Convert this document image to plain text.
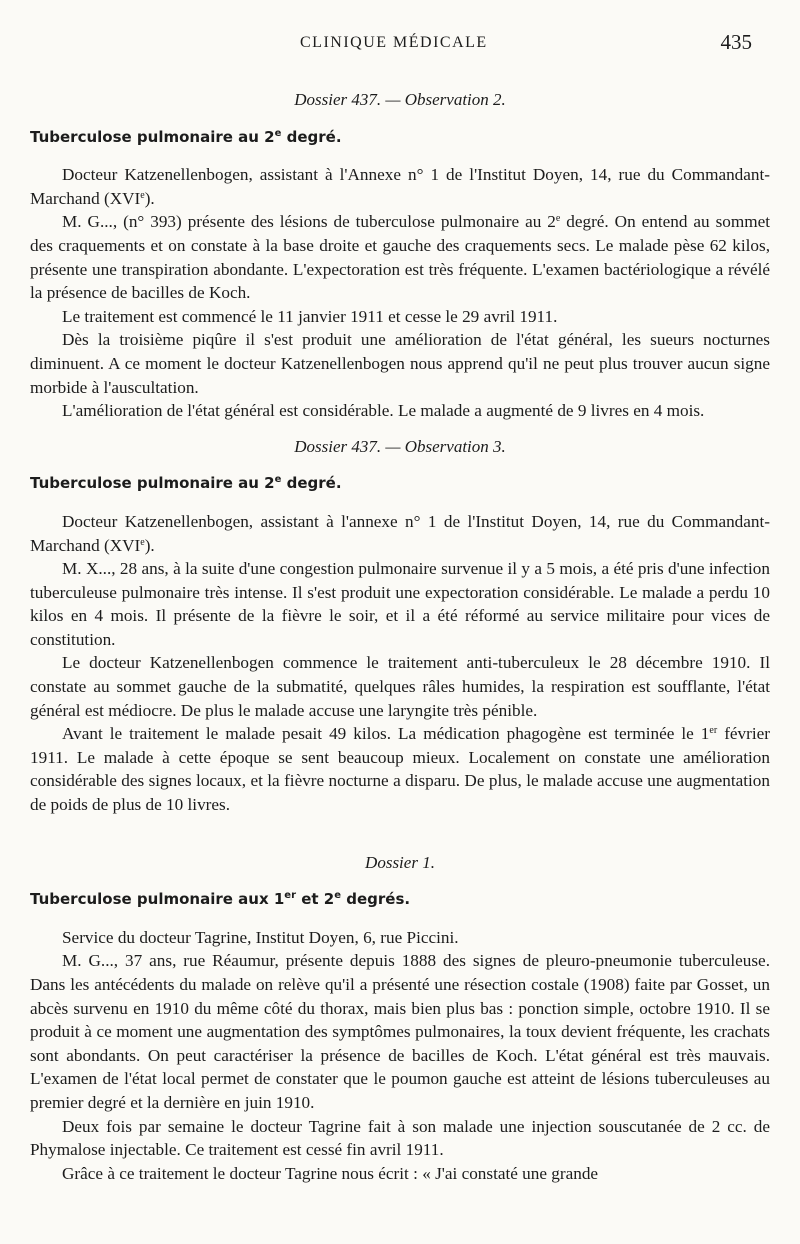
CLINIQUE MÉDICALE	435
Dossier 437. — Observation 2.
Tuberculose pulmonaire au 2e degré.

Docteur Katzenellenbogen, assistant à l'Annexe n° 1 de l'Institut Doyen, 14, rue du Commandant-Marchand (XVIe).

M. G..., (n° 393) présente des lésions de tuberculose pulmonaire au 2e degré. On entend au sommet des craquements et on constate à la base droite et gauche des craquements secs. Le malade pèse 62 kilos, présente une transpiration abondante. L'expectoration est très fréquente. L'examen bactériologique a révélé la présence de bacilles de Koch.

Le traitement est commencé le 11 janvier 1911 et cesse le 29 avril 1911.

Dès la troisième piqûre il s'est produit une amélioration de l'état général, les sueurs nocturnes diminuent. A ce moment le docteur Katzenellenbogen nous apprend qu'il ne peut plus trouver aucun signe morbide à l'auscultation.

L'amélioration de l'état général est considérable. Le malade a augmenté de 9 livres en 4 mois.

Dossier 437. — Observation 3.
Tuberculose pulmonaire au 2e degré.

Docteur Katzenellenbogen, assistant à l'annexe n° 1 de l'Institut Doyen, 14, rue du Commandant-Marchand (XVIe).

M. X..., 28 ans, à la suite d'une congestion pulmonaire survenue il y a 5 mois, a été pris d'une infection tuberculeuse pulmonaire très intense. Il s'est produit une expectoration considérable. Le malade a perdu 10 kilos en 4 mois. Il présente de la fièvre le soir, et il a été réformé au service militaire pour vices de constitution.

Le docteur Katzenellenbogen commence le traitement anti-tuberculeux le 28 décembre 1910. Il constate au sommet gauche de la submatité, quelques râles humides, la respiration est soufflante, l'état général est médiocre. De plus le malade accuse une laryngite très pénible.

Avant le traitement le malade pesait 49 kilos. La médication phagogène est terminée le 1er février 1911. Le malade à cette époque se sent beaucoup mieux. Localement on constate une amélioration considérable des signes locaux, et la fièvre nocturne a disparu. De plus, le malade accuse une augmentation de poids de plus de 10 livres.

Dossier 1.
Tuberculose pulmonaire aux 1er et 2e degrés.

Service du docteur Tagrine, Institut Doyen, 6, rue Piccini.

M. G..., 37 ans, rue Réaumur, présente depuis 1888 des signes de pleuro-pneumonie tuberculeuse. Dans les antécédents du malade on relève qu'il a présenté une résection costale (1908) faite par Gosset, un abcès survenu en 1910 du même côté du thorax, mais bien plus bas : ponction simple, octobre 1910. Il se produit à ce moment une augmentation des symptômes pulmonaires, la toux devient fréquente, les crachats sont abondants. On peut caractériser la présence de bacilles de Koch. L'état général est très mauvais. L'examen de l'état local permet de constater que le poumon gauche est atteint de lésions tuberculeuses au premier degré et la dernière en juin 1910.

Deux fois par semaine le docteur Tagrine fait à son malade une injection souscutanée de 2 cc. de Phymalose injectable. Ce traitement est cessé fin avril 1911.

Grâce à ce traitement le docteur Tagrine nous écrit : « J'ai constaté une grande
